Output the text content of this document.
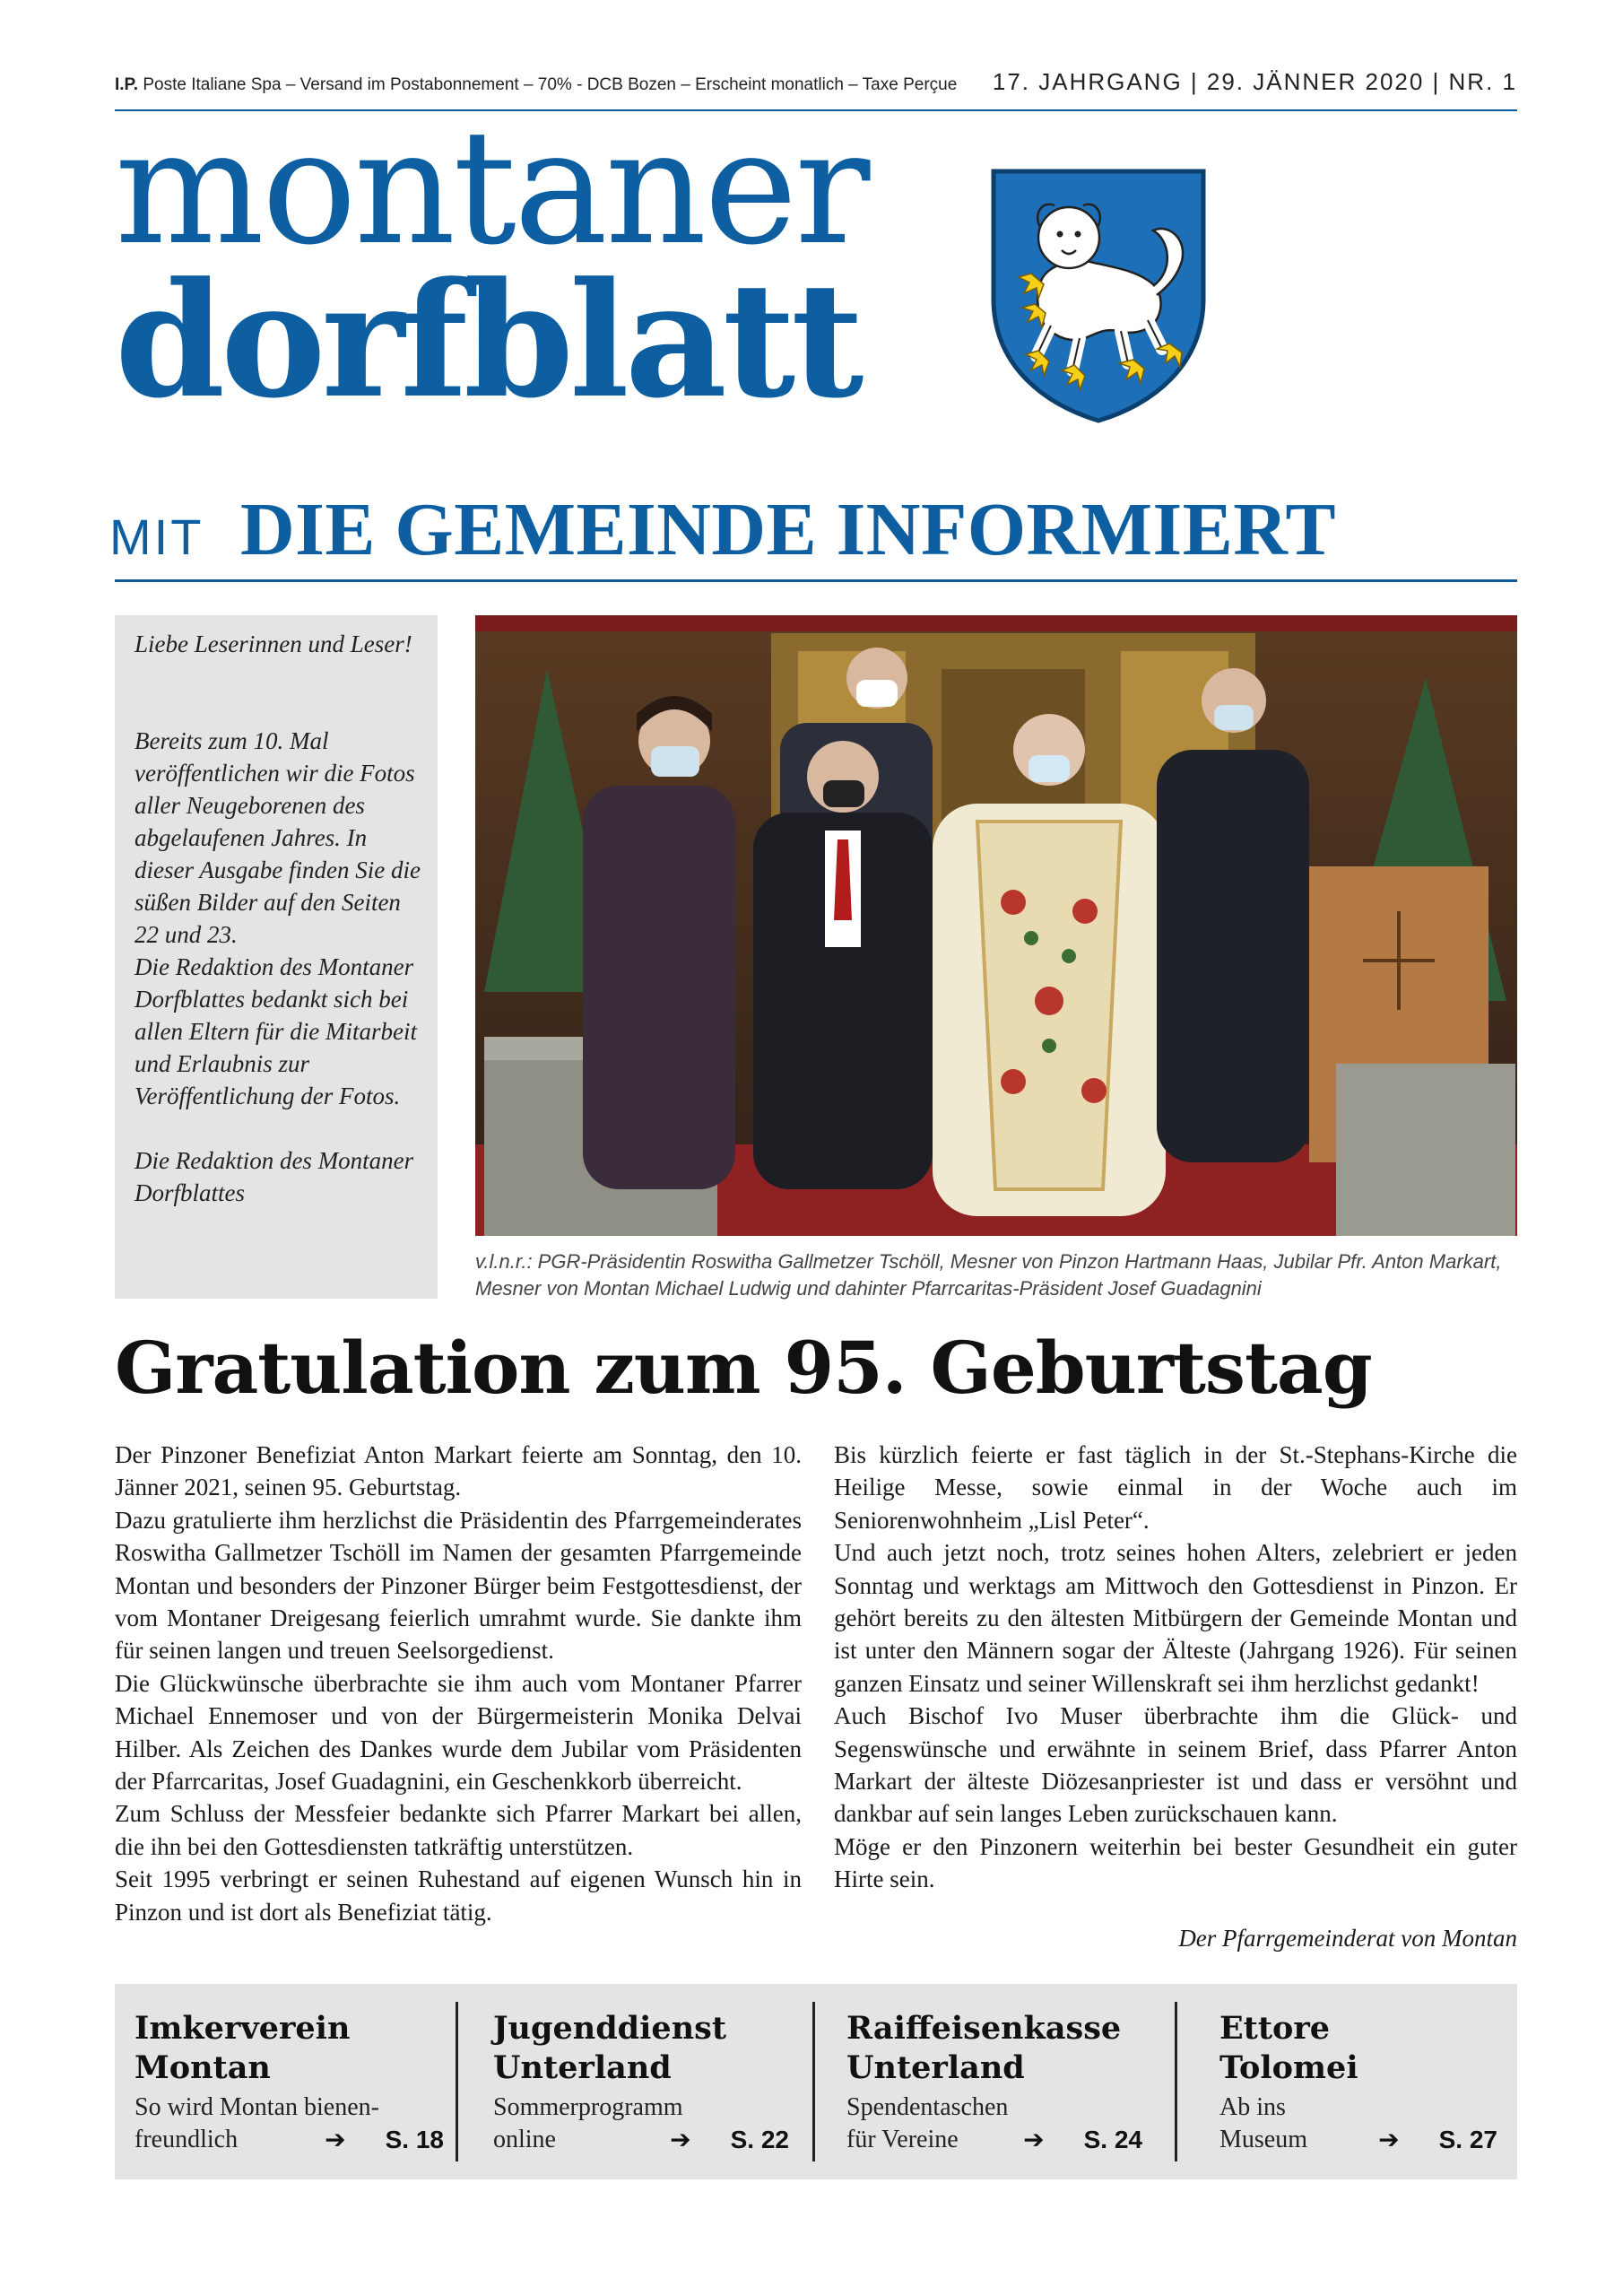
I.P. Poste Italiane Spa – Versand im Postabonnement – 70% - DCB Bozen – Erscheint monatlich – Taxe Perçue 17. JAHRGANG | 29. JÄNNER 2020 | NR. 1
montaner
dorfblatt
MIT DIE GEMEINDE INFORMIERT
Liebe Leserinnen und Leser!
Bereits zum 10. Mal veröffentlichen wir die Fotos aller Neugeborenen des abgelaufenen Jahres. In dieser Ausgabe finden Sie die süßen Bilder auf den Seiten 22 und 23.
Die Redaktion des Montaner Dorfblattes bedankt sich bei allen Eltern für die Mitarbeit und Erlaubnis zur Veröffentlichung der Fotos.
Die Redaktion des Montaner Dorfblattes
v.l.n.r.: PGR-Präsidentin Roswitha Gallmetzer Tschöll, Mesner von Pinzon Hartmann Haas, Jubilar Pfr. Anton Markart, Mesner von Montan Michael Ludwig und dahinter Pfarrcaritas-Präsident Josef Guadagnini
Gratulation zum 95. Geburtstag

Der Pinzoner Benefiziat Anton Markart feierte am Sonntag, den 10. Jänner 2021, seinen 95. Geburtstag.

Dazu gratulierte ihm herzlichst die Präsidentin des Pfarrgemeinderates Roswitha Gallmetzer Tschöll im Namen der gesamten Pfarrgemeinde Montan und besonders der Pinzoner Bürger beim Festgottesdienst, der vom Montaner Dreigesang feierlich umrahmt wurde. Sie dankte ihm für seinen langen und treuen Seelsorgedienst.

Die Glückwünsche überbrachte sie ihm auch vom Montaner Pfarrer Michael Ennemoser und von der Bürgermeisterin Monika Delvai Hilber. Als Zeichen des Dankes wurde dem Jubilar vom Präsidenten der Pfarrcaritas, Josef Guadagnini, ein Geschenkkorb überreicht.

Zum Schluss der Messfeier bedankte sich Pfarrer Markart bei allen, die ihn bei den Gottesdiensten tatkräftig unterstützen.

Seit 1995 verbringt er seinen Ruhestand auf eigenen Wunsch hin in Pinzon und ist dort als Benefiziat tätig.

Bis kürzlich feierte er fast täglich in der St.-Stephans-Kirche die Heilige Messe, sowie einmal in der Woche auch im Seniorenwohnheim „Lisl Peter“.

Und auch jetzt noch, trotz seines hohen Alters, zelebriert er jeden Sonntag und werktags am Mittwoch den Gottesdienst in Pinzon. Er gehört bereits zu den ältesten Mitbürgern der Gemeinde Montan und ist unter den Männern sogar der Älteste (Jahrgang 1926). Für seinen ganzen Einsatz und seiner Willenskraft sei ihm herzlichst gedankt!

Auch Bischof Ivo Muser überbrachte ihm die Glück- und Segenswünsche und erwähnte in seinem Brief, dass Pfarrer Anton Markart der älteste Diözesanpriester ist und dass er versöhnt und dankbar auf sein langes Leben zurückschauen kann.

Möge er den Pinzonern weiterhin bei bester Gesundheit ein guter Hirte sein.

Der Pfarrgemeinderat von Montan
Imkerverein
Montan
So wird Montan bienen-
freundlich	➔ S. 18
Jugenddienst
Unterland
Sommerprogramm
online	➔ S. 22
Raiffeisenkasse
Unterland
Spendentaschen
für Vereine	➔ S. 24
Ettore
Tolomei
Ab ins
Museum	➔ S. 27
